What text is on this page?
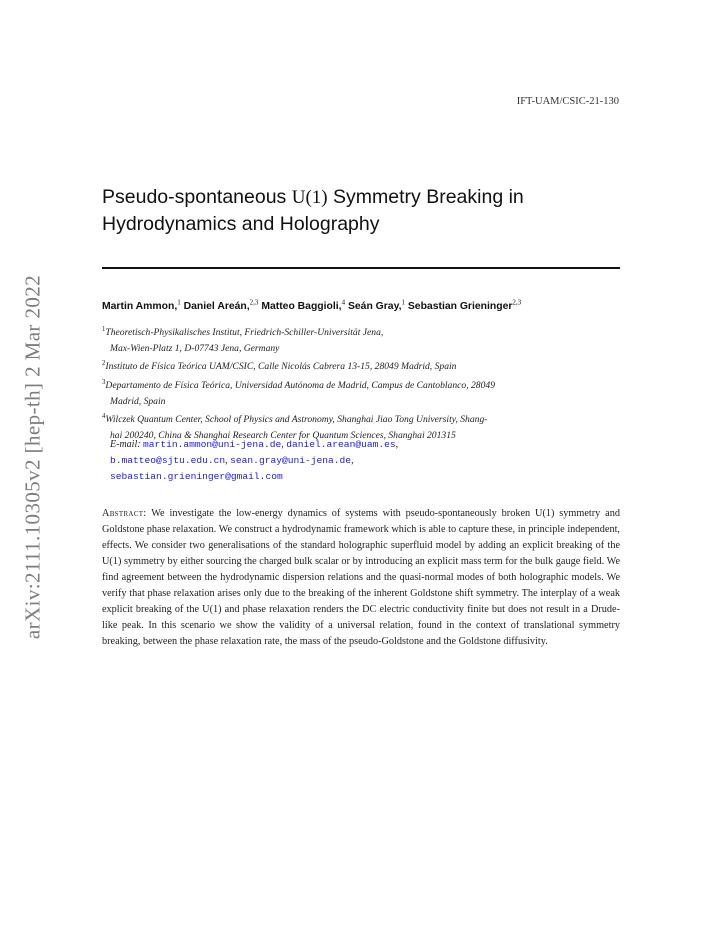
IFT-UAM/CSIC-21-130
arXiv:2111.10305v2 [hep-th] 2 Mar 2022
Pseudo-spontaneous U(1) Symmetry Breaking in
Hydrodynamics and Holography
Martin Ammon,$^1$ Daniel Areán,$^{2,3}$ Matteo Baggioli,$^4$ Seán Gray,$^1$ Sebastian Grieninger$^{2,3}$
$^1$Theoretisch-Physikalisches Institut, Friedrich-Schiller-Universität Jena,
Max-Wien-Platz 1, D-07743 Jena, Germany
$^2$Instituto de Física Teórica UAM/CSIC, Calle Nicolás Cabrera 13-15, 28049 Madrid, Spain
$^3$Departamento de Física Teórica, Universidad Autónoma de Madrid, Campus de Cantoblanco, 28049
Madrid, Spain
$^4$Wilczek Quantum Center, School of Physics and Astronomy, Shanghai Jiao Tong University, Shang-
hai 200240, China & Shanghai Research Center for Quantum Sciences, Shanghai 201315
E-mail: martin.ammon@uni-jena.de, daniel.arean@uam.es,
b.matteo@sjtu.edu.cn, sean.gray@uni-jena.de,
sebastian.grieninger@gmail.com
Abstract: We investigate the low-energy dynamics of systems with pseudo-spontaneously broken U(1) symmetry and Goldstone phase relaxation. We construct a hydrodynamic framework which is able to capture these, in principle independent, effects. We consider two generalisations of the standard holographic superfluid model by adding an explicit breaking of the U(1) symmetry by either sourcing the charged bulk scalar or by introducing an explicit mass term for the bulk gauge field. We find agreement between the hydrodynamic dispersion relations and the quasi-normal modes of both holographic models. We verify that phase relaxation arises only due to the breaking of the inherent Goldstone shift symmetry. The interplay of a weak explicit breaking of the U(1) and phase relaxation renders the DC electric conductivity finite but does not result in a Drude-like peak. In this scenario we show the validity of a universal relation, found in the context of translational symmetry breaking, between the phase relaxation rate, the mass of the pseudo-Goldstone and the Goldstone diffusivity.
